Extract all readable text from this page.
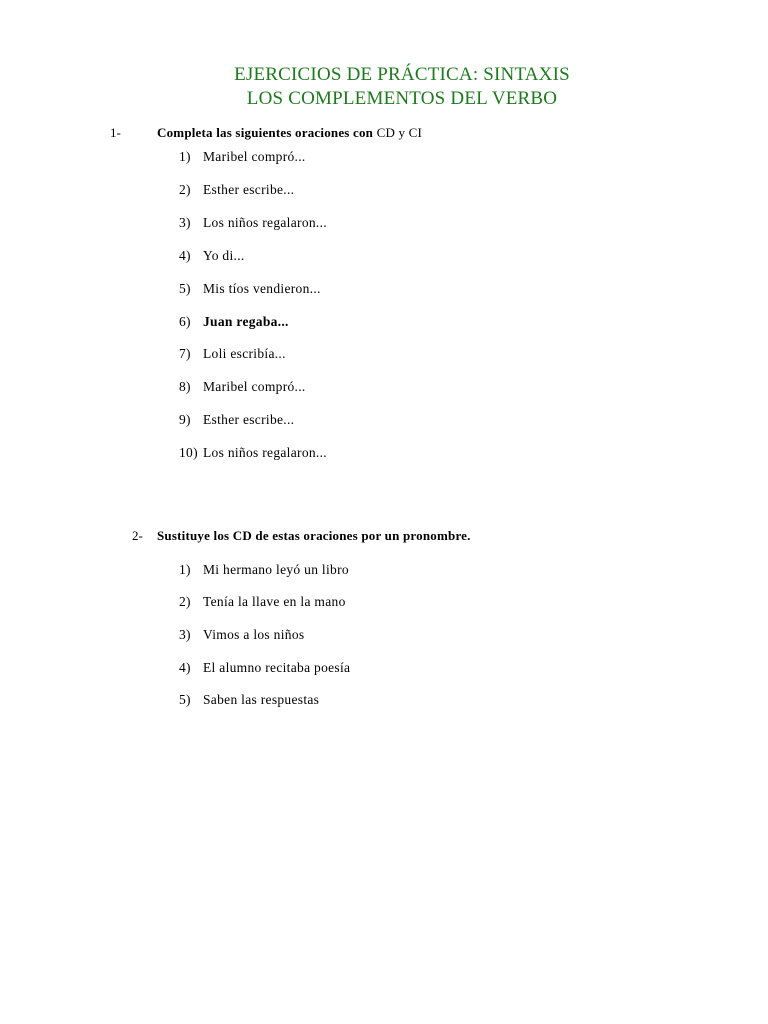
EJERCICIOS DE PRÁCTICA: SINTAXIS
LOS COMPLEMENTOS DEL VERBO
1-	Completa las siguientes oraciones con CD y CI
1) Maribel compró...
2) Esther escribe...
3) Los niños regalaron...
4) Yo di...
5) Mis tíos vendieron...
6) Juan regaba...
7) Loli escribía...
8) Maribel compró...
9) Esther escribe...
10) Los niños regalaron...
2- Sustituye los CD de estas oraciones por un pronombre.
1) Mi hermano leyó un libro
2) Tenía la llave en la mano
3) Vimos a los niños
4) El alumno recitaba poesía
5) Saben las respuestas
